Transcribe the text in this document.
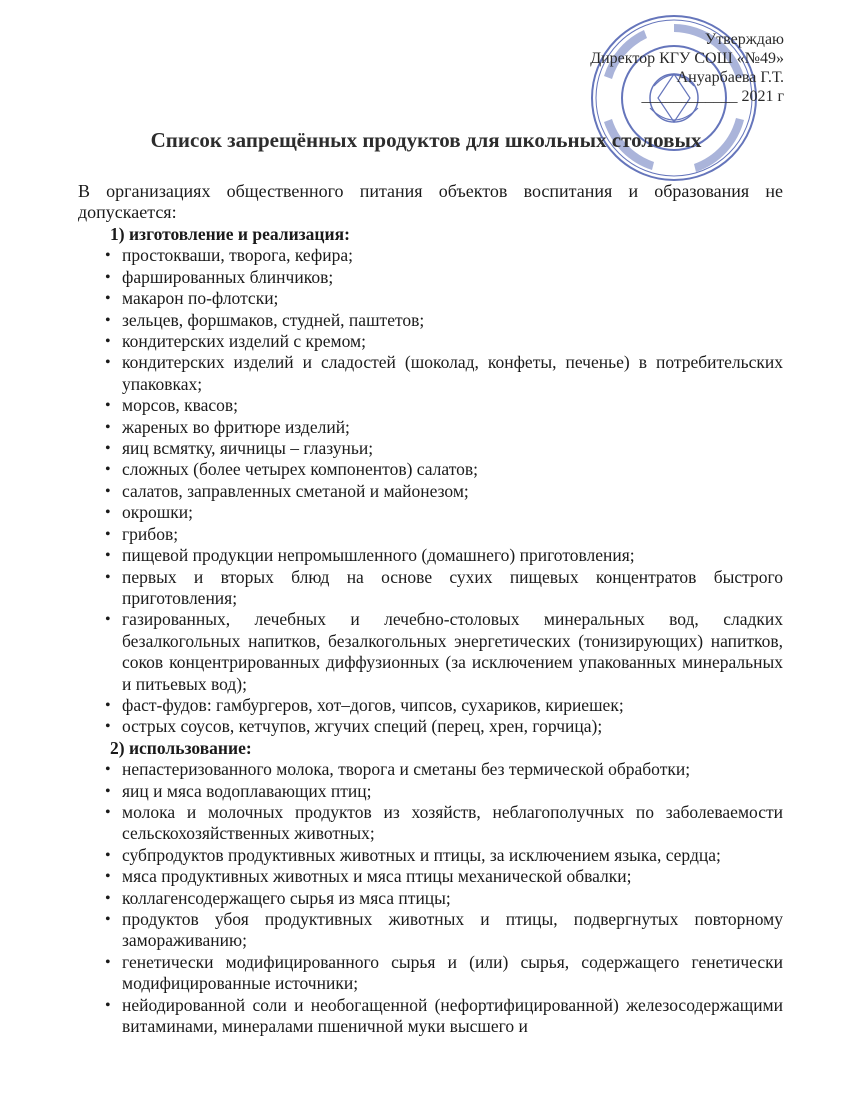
Утверждаю
Директор КГУ СОШ «№49»
Ануарбаева Г.Т.
____________ 2021 г
Список запрещённых продуктов для школьных столовых
В организациях общественного питания объектов воспитания и образования не допускается:
1) изготовление и реализация:
• простокваши, творога, кефира;
• фаршированных блинчиков;
• макарон по-флотски;
• зельцев, форшмаков, студней, паштетов;
• кондитерских изделий с кремом;
• кондитерских изделий и сладостей (шоколад, конфеты, печенье) в потребительских упаковках;
• морсов, квасов;
• жареных во фритюре изделий;
• яиц всмятку, яичницы – глазуньи;
• сложных (более четырех компонентов) салатов;
• салатов, заправленных сметаной и майонезом;
• окрошки;
• грибов;
• пищевой продукции непромышленного (домашнего) приготовления;
• первых и вторых блюд на основе сухих пищевых концентратов быстрого приготовления;
• газированных, лечебных и лечебно-столовых минеральных вод, сладких безалкогольных напитков, безалкогольных энергетических (тонизирующих) напитков, соков концентрированных диффузионных (за исключением упакованных минеральных и питьевых вод);
• фаст-фудов: гамбургеров, хот–догов, чипсов, сухариков, кириешек;
• острых соусов, кетчупов, жгучих специй (перец, хрен, горчица);
2) использование:
• непастеризованного молока, творога и сметаны без термической обработки;
• яиц и мяса водоплавающих птиц;
• молока и молочных продуктов из хозяйств, неблагополучных по заболеваемости сельскохозяйственных животных;
• субпродуктов продуктивных животных и птицы, за исключением языка, сердца;
• мяса продуктивных животных и мяса птицы механической обвалки;
• коллагенсодержащего сырья из мяса птицы;
• продуктов убоя продуктивных животных и птицы, подвергнутых повторному замораживанию;
• генетически модифицированного сырья и (или) сырья, содержащего генетически модифицированные источники;
• нейодированной соли и необогащенной (нефортифицированной) железосодержащими витаминами, минералами пшеничной муки высшего и
